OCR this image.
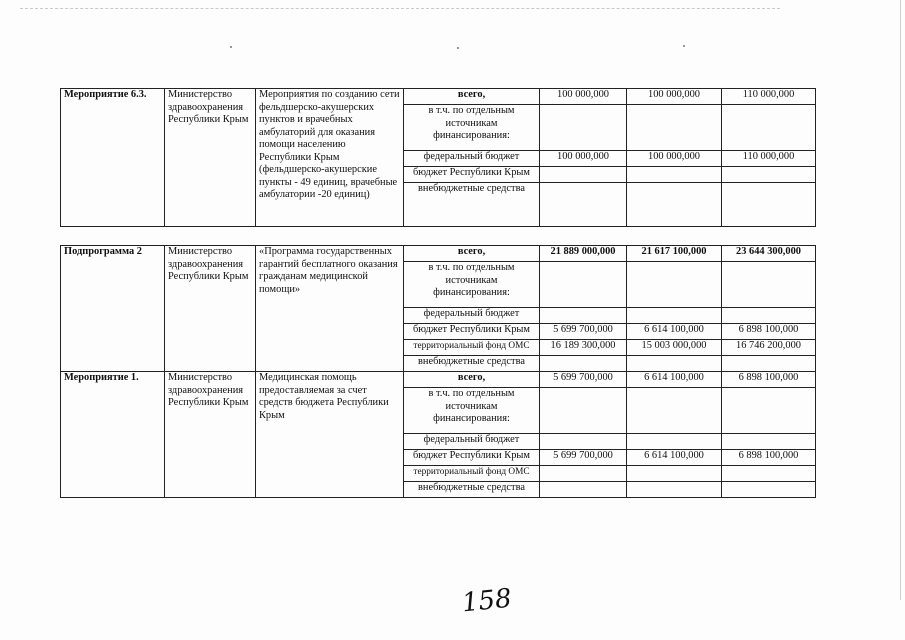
Мероприятие 6.3.	Министерство здравоохранения Республики Крым	Мероприятия по созданию сети фельдшерско-акушерских пунктов и врачебных амбулаторий для оказания помощи населению Республики Крым (фельдшерско-акушерские пункты - 49 единиц, врачебные амбулатории -20 единиц)	всего,	100 000,000	100 000,000	110 000,000
			в т.ч. по отдельным источникам финансирования:			
			федеральный бюджет	100 000,000	100 000,000	110 000,000
			бюджет Республики Крым			
			внебюджетные средства			

Подпрограмма 2	Министерство здравоохранения Республики Крым	«Программа государственных гарантий бесплатного оказания гражданам медицинской помощи»	всего,	21 889 000,000	21 617 100,000	23 644 300,000
			в т.ч. по отдельным источникам финансирования:			
			федеральный бюджет			
			бюджет Республики Крым	5 699 700,000	6 614 100,000	6 898 100,000
			территориальный фонд ОМС	16 189 300,000	15 003 000,000	16 746 200,000
			внебюджетные средства			
Мероприятие 1.	Министерство здравоохранения Республики Крым	Медицинская помощь предоставляемая за счет средств бюджета Республики Крым	всего,	5 699 700,000	6 614 100,000	6 898 100,000
			в т.ч. по отдельным источникам финансирования:			
			федеральный бюджет			
			бюджет Республики Крым	5 699 700,000	6 614 100,000	6 898 100,000
			территориальный фонд ОМС			
			внебюджетные средства			
158
